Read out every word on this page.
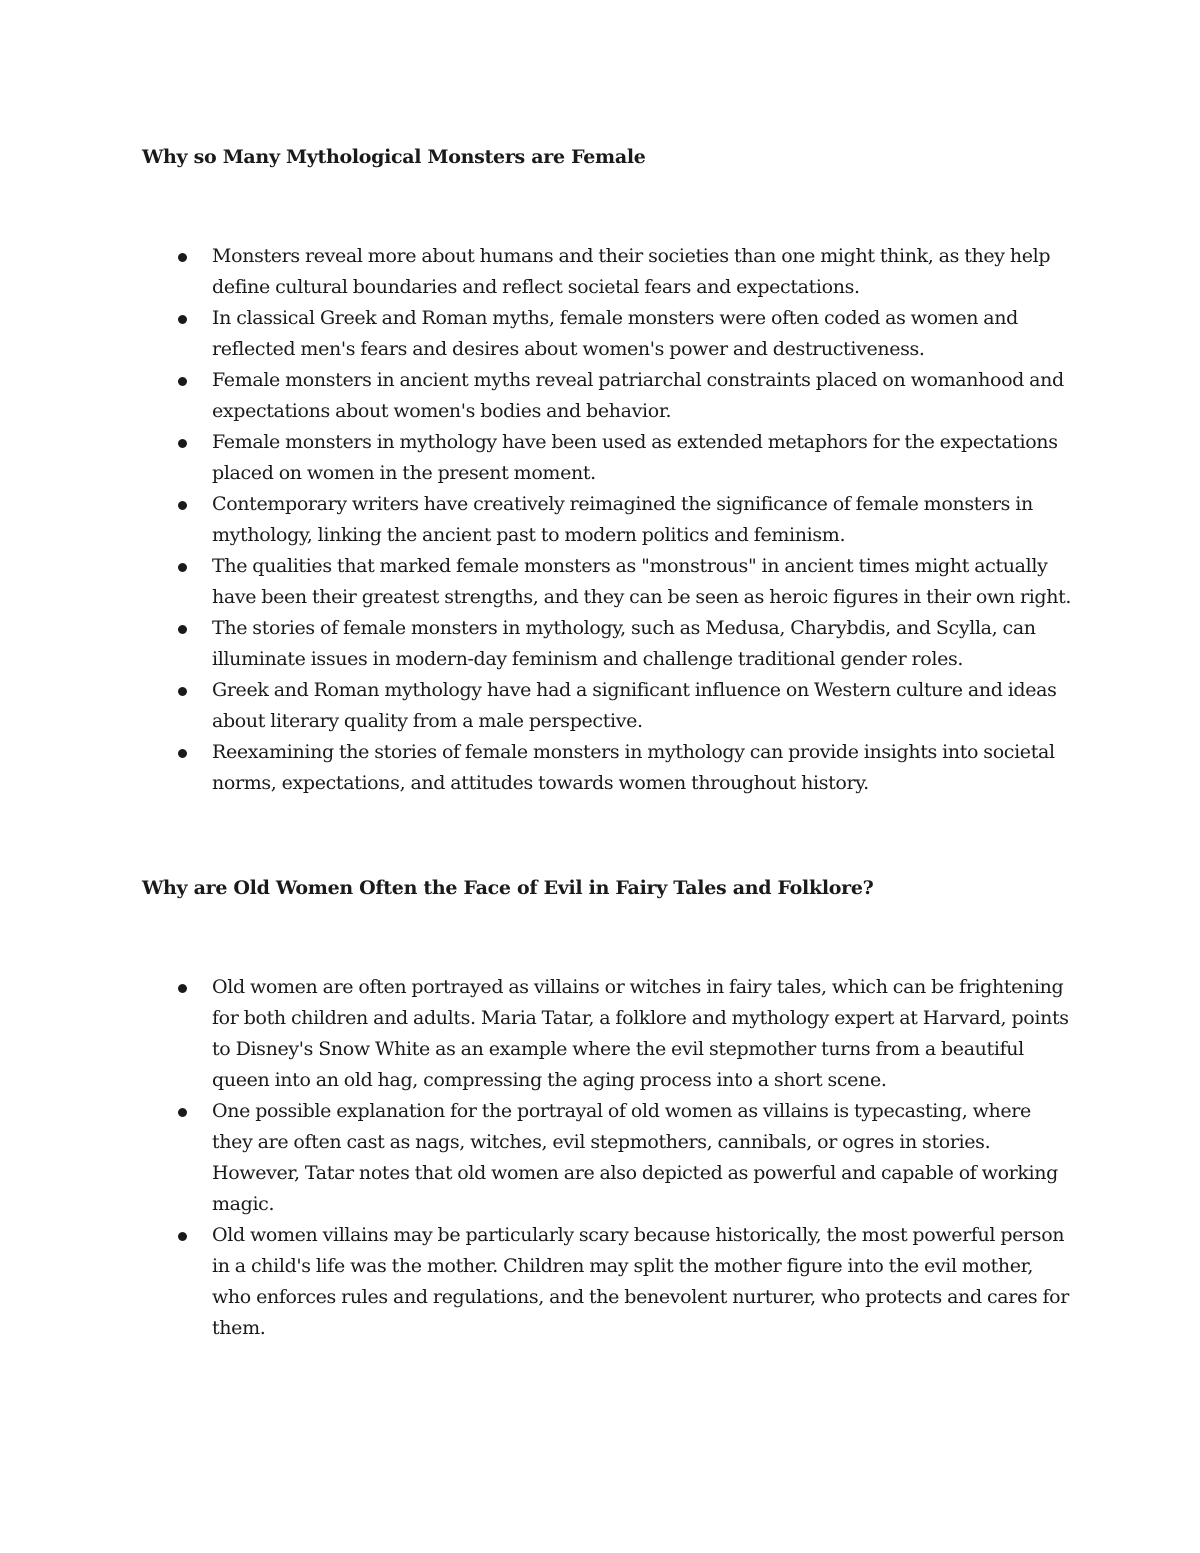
Why so Many Mythological Monsters are Female
Monsters reveal more about humans and their societies than one might think, as they help define cultural boundaries and reflect societal fears and expectations.
In classical Greek and Roman myths, female monsters were often coded as women and reflected men's fears and desires about women's power and destructiveness.
Female monsters in ancient myths reveal patriarchal constraints placed on womanhood and expectations about women's bodies and behavior.
Female monsters in mythology have been used as extended metaphors for the expectations placed on women in the present moment.
Contemporary writers have creatively reimagined the significance of female monsters in mythology, linking the ancient past to modern politics and feminism.
The qualities that marked female monsters as "monstrous" in ancient times might actually have been their greatest strengths, and they can be seen as heroic figures in their own right.
The stories of female monsters in mythology, such as Medusa, Charybdis, and Scylla, can illuminate issues in modern-day feminism and challenge traditional gender roles.
Greek and Roman mythology have had a significant influence on Western culture and ideas about literary quality from a male perspective.
Reexamining the stories of female monsters in mythology can provide insights into societal norms, expectations, and attitudes towards women throughout history.
Why are Old Women Often the Face of Evil in Fairy Tales and Folklore?
Old women are often portrayed as villains or witches in fairy tales, which can be frightening for both children and adults. Maria Tatar, a folklore and mythology expert at Harvard, points to Disney's Snow White as an example where the evil stepmother turns from a beautiful queen into an old hag, compressing the aging process into a short scene.
One possible explanation for the portrayal of old women as villains is typecasting, where they are often cast as nags, witches, evil stepmothers, cannibals, or ogres in stories. However, Tatar notes that old women are also depicted as powerful and capable of working magic.
Old women villains may be particularly scary because historically, the most powerful person in a child's life was the mother. Children may split the mother figure into the evil mother, who enforces rules and regulations, and the benevolent nurturer, who protects and cares for them.
